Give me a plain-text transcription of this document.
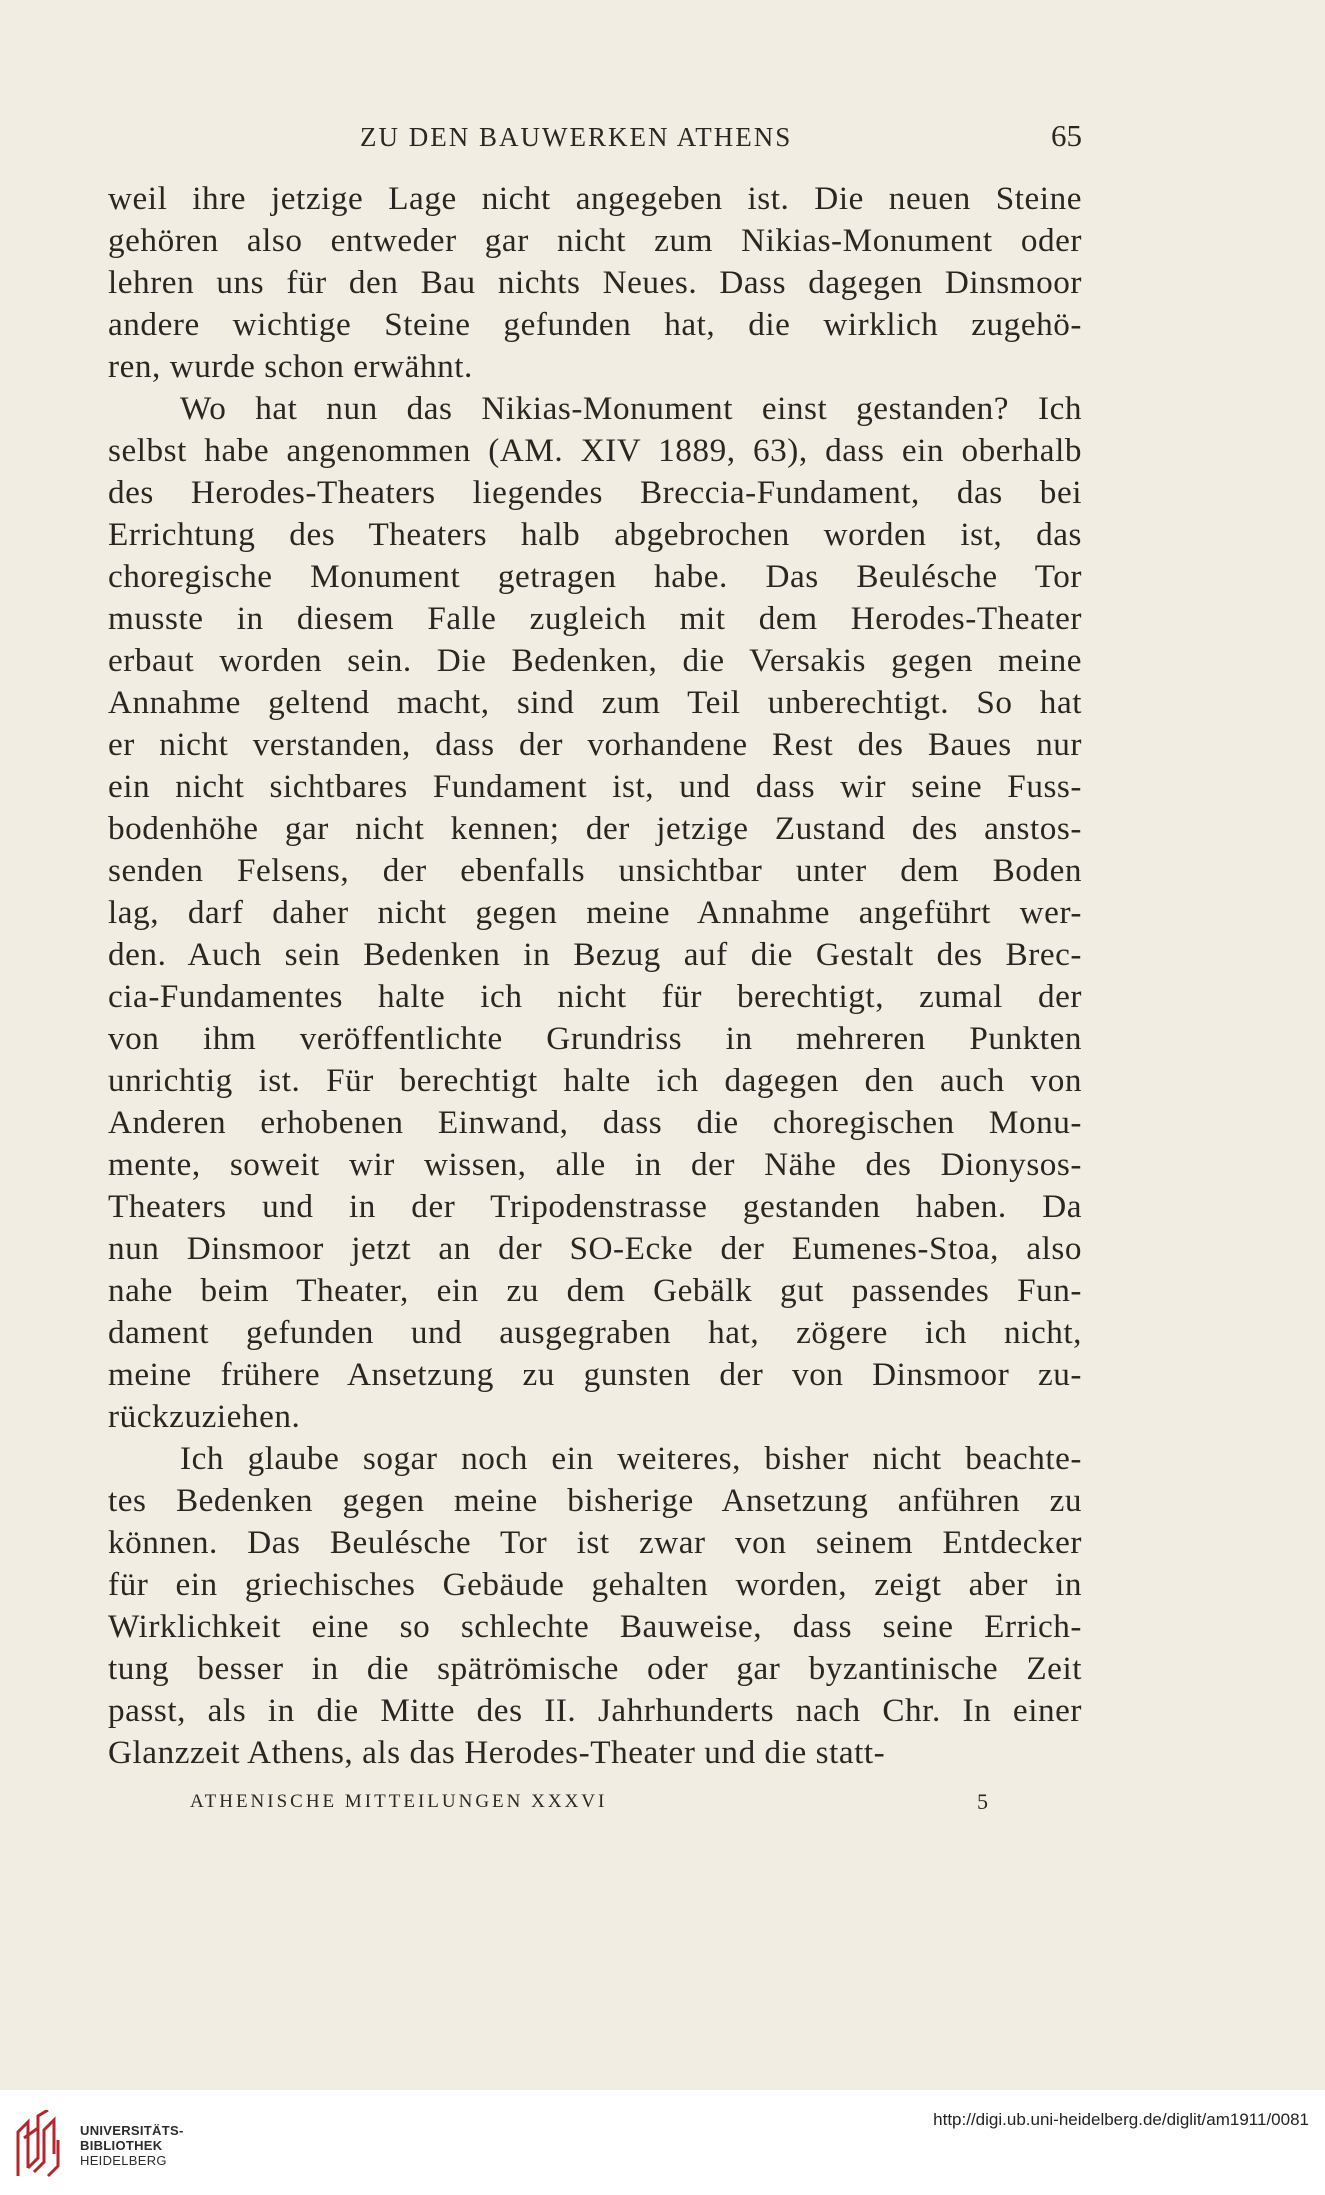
ZU DEN BAUWERKEN ATHENS	65
weil ihre jetzige Lage nicht angegeben ist. Die neuen Steine
gehören also entweder gar nicht zum Nikias-Monument oder
lehren uns für den Bau nichts Neues. Dass dagegen Dinsmoor
andere wichtige Steine gefunden hat, die wirklich zugehö-
ren, wurde schon erwähnt.
Wo hat nun das Nikias-Monument einst gestanden? Ich
selbst habe angenommen (AM. XIV 1889, 63), dass ein oberhalb
des Herodes-Theaters liegendes Breccia-Fundament, das bei
Errichtung des Theaters halb abgebrochen worden ist, das
choregische Monument getragen habe. Das Beulésche Tor
musste in diesem Falle zugleich mit dem Herodes-Theater
erbaut worden sein. Die Bedenken, die Versakis gegen meine
Annahme geltend macht, sind zum Teil unberechtigt. So hat
er nicht verstanden, dass der vorhandene Rest des Baues nur
ein nicht sichtbares Fundament ist, und dass wir seine Fuss-
bodenhöhe gar nicht kennen; der jetzige Zustand des anstos-
senden Felsens, der ebenfalls unsichtbar unter dem Boden
lag, darf daher nicht gegen meine Annahme angeführt wer-
den. Auch sein Bedenken in Bezug auf die Gestalt des Brec-
cia-Fundamentes halte ich nicht für berechtigt, zumal der
von ihm veröffentlichte Grundriss in mehreren Punkten
unrichtig ist. Für berechtigt halte ich dagegen den auch von
Anderen erhobenen Einwand, dass die choregischen Monu-
mente, soweit wir wissen, alle in der Nähe des Dionysos-
Theaters und in der Tripodenstrasse gestanden haben. Da
nun Dinsmoor jetzt an der SO-Ecke der Eumenes-Stoa, also
nahe beim Theater, ein zu dem Gebälk gut passendes Fun-
dament gefunden und ausgegraben hat, zögere ich nicht,
meine frühere Ansetzung zu gunsten der von Dinsmoor zu-
rückzuziehen.
Ich glaube sogar noch ein weiteres, bisher nicht beachte-
tes Bedenken gegen meine bisherige Ansetzung anführen zu
können. Das Beulésche Tor ist zwar von seinem Entdecker
für ein griechisches Gebäude gehalten worden, zeigt aber in
Wirklichkeit eine so schlechte Bauweise, dass seine Errich-
tung besser in die spätrömische oder gar byzantinische Zeit
passt, als in die Mitte des II. Jahrhunderts nach Chr. In einer
Glanzzeit Athens, als das Herodes-Theater und die statt-
ATHENISCHE MITTEILUNGEN XXXVI	5
UNIVERSITÄTS-
BIBLIOTHEK
HEIDELBERG
http://digi.ub.uni-heidelberg.de/diglit/am1911/0081
